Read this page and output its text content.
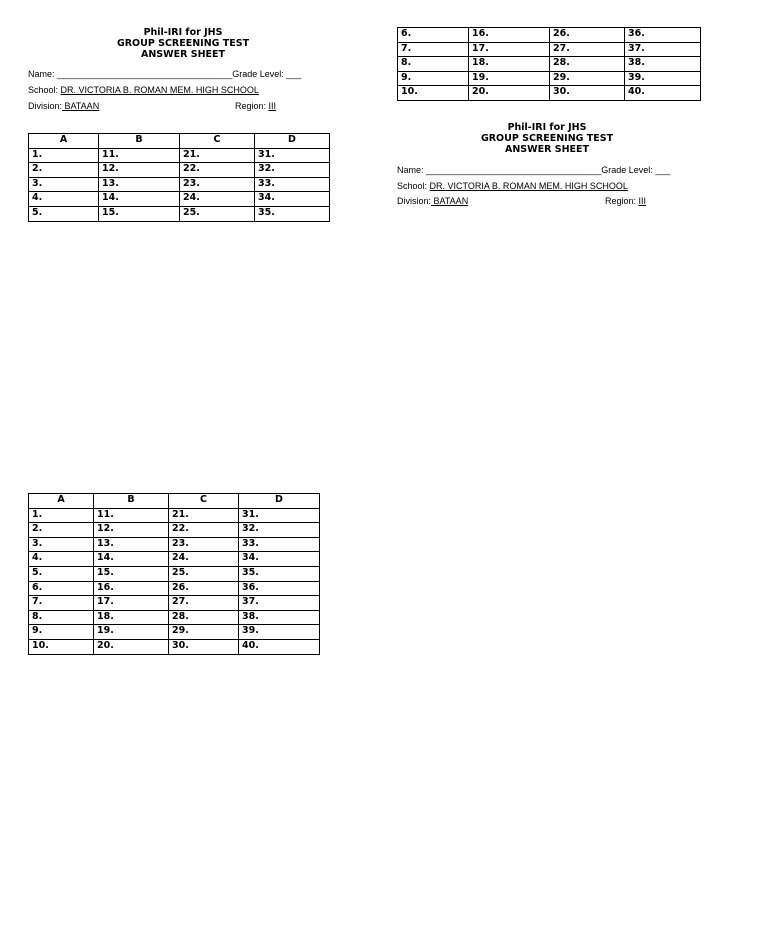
Phil-IRI for JHS
GROUP SCREENING TEST
ANSWER SHEET
Name: ___________________________________Grade Level: ___
School: DR. VICTORIA B. ROMAN MEM. HIGH SCHOOL
Division: BATAAN	Region: III
A	B	C	D
1.	11.	21.	31.
2.	12.	22.	32.
3.	13.	23.	33.
4.	14.	24.	34.
5.	15.	25.	35.
6.	16.	26.	36.
7.	17.	27.	37.
8.	18.	28.	38.
9.	19.	29.	39.
10.	20.	30.	40.
Phil-IRI for JHS
GROUP SCREENING TEST
ANSWER SHEET
Name: ___________________________________Grade Level: ___
School: DR. VICTORIA B. ROMAN MEM. HIGH SCHOOL
Division: BATAAN	Region: III
A	B	C	D
1.	11.	21.	31.
2.	12.	22.	32.
3.	13.	23.	33.
4.	14.	24.	34.
5.	15.	25.	35.
6.	16.	26.	36.
7.	17.	27.	37.
8.	18.	28.	38.
9.	19.	29.	39.
10.	20.	30.	40.
